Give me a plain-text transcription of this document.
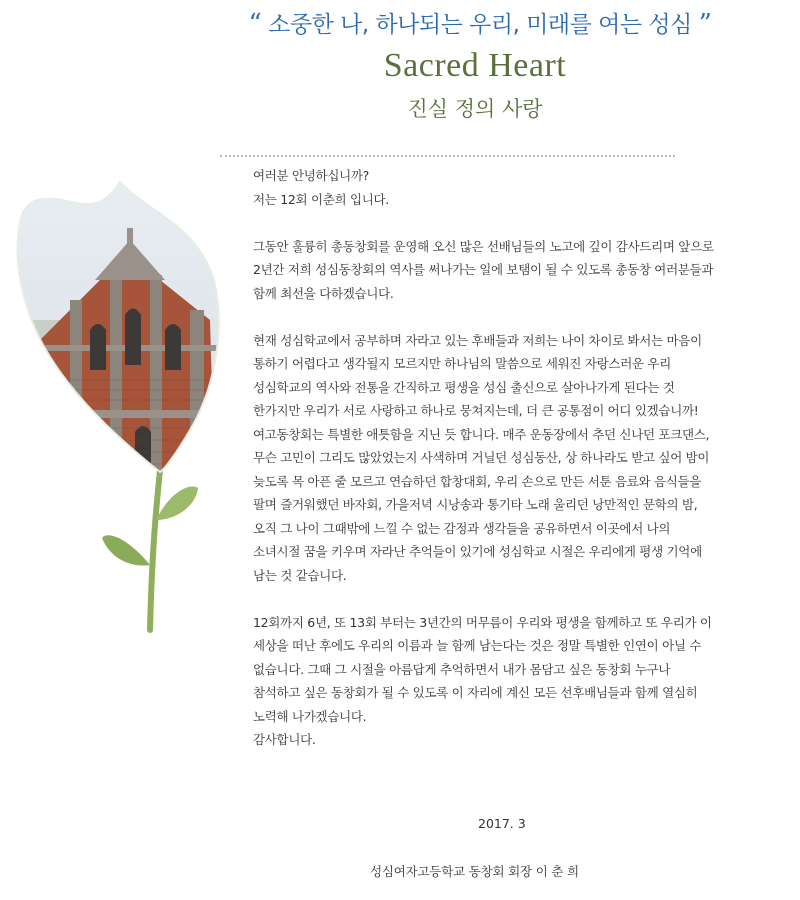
“ 소중한 나, 하나되는 우리, 미래를 여는 성심 ”
Sacred Heart
진실 정의 사랑

여러분 안녕하십니까?
저는 12회 이춘희 입니다.

그동안 훌륭히 총동창회를 운영해 오신 많은 선배님들의 노고에 깊이 감사드리며 앞으로
2년간 저희 성심동창회의 역사를 써나가는 일에 보탬이 될 수 있도록 총동창 여러분들과
함께 최선을 다하겠습니다.

현재 성심학교에서 공부하며 자라고 있는 후배들과 저희는 나이 차이로 봐서는 마음이
통하기 어렵다고 생각될지 모르지만 하나님의 말씀으로 세워진 자랑스러운 우리
성심학교의 역사와 전통을 간직하고 평생을 성심 출신으로 살아나가게 된다는 것
한가지만 우리가 서로 사랑하고 하나로 뭉쳐지는데, 더 큰 공통점이 어디 있겠습니까!
여고동창회는 특별한 애틋함을 지닌 듯 합니다. 매주 운동장에서 추던 신나던 포크댄스,
무슨 고민이 그리도 많았었는지 사색하며 거닐던 성심동산, 상 하나라도 받고 싶어 밤이
늦도록 목 아픈 줄 모르고 연습하던 합창대회, 우리 손으로 만든 서툰 음료와 음식들을
팔며 즐거워했던 바자회, 가을저녁 시낭송과 통기타 노래 울리던 낭만적인 문학의 밤,
오직 그 나이 그때밖에 느낄 수 없는 감정과 생각들을 공유하면서 이곳에서 나의
소녀시절 꿈을 키우며 자라난 추억들이 있기에 성심학교 시절은 우리에게 평생 기억에
남는 것 같습니다.

12회까지 6년, 또 13회 부터는 3년간의 머무름이 우리와 평생을 함께하고 또 우리가 이
세상을 떠난 후에도 우리의 이름과 늘 함께 남는다는 것은 정말 특별한 인연이 아닐 수
없습니다. 그때 그 시절을 아름답게 추억하면서 내가 몸담고 싶은 동창회 누구나
참석하고 싶은 동창회가 될 수 있도록 이 자리에 계신 모든 선후배님들과 함께 열심히
노력해 나가겠습니다.
감사합니다.

2017. 3
성심여자고등학교 동창회 회장 이 춘 희
